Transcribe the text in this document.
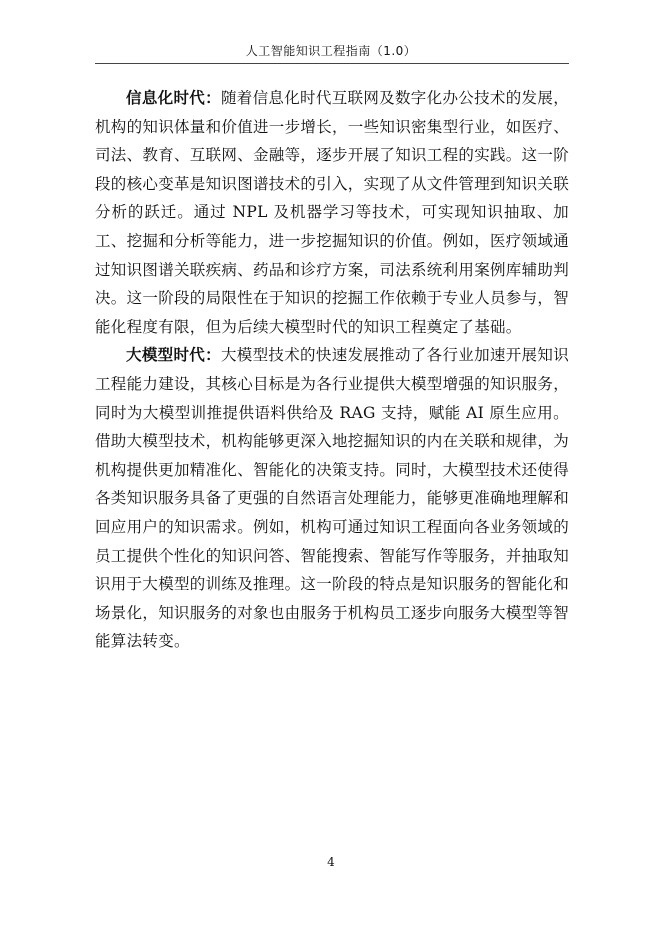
人工智能知识工程指南（1.0）

信息化时代：随着信息化时代互联网及数字化办公技术的发展，机构的知识体量和价值进一步增长，一些知识密集型行业，如医疗、司法、教育、互联网、金融等，逐步开展了知识工程的实践。这一阶段的核心变革是知识图谱技术的引入，实现了从文件管理到知识关联分析的跃迁。通过 NPL 及机器学习等技术，可实现知识抽取、加工、挖掘和分析等能力，进一步挖掘知识的价值。例如，医疗领域通过知识图谱关联疾病、药品和诊疗方案，司法系统利用案例库辅助判决。这一阶段的局限性在于知识的挖掘工作依赖于专业人员参与，智能化程度有限，但为后续大模型时代的知识工程奠定了基础。

大模型时代：大模型技术的快速发展推动了各行业加速开展知识工程能力建设，其核心目标是为各行业提供大模型增强的知识服务，同时为大模型训推提供语料供给及 RAG 支持，赋能 AI 原生应用。借助大模型技术，机构能够更深入地挖掘知识的内在关联和规律，为机构提供更加精准化、智能化的决策支持。同时，大模型技术还使得各类知识服务具备了更强的自然语言处理能力，能够更准确地理解和回应用户的知识需求。例如，机构可通过知识工程面向各业务领域的员工提供个性化的知识问答、智能搜索、智能写作等服务，并抽取知识用于大模型的训练及推理。这一阶段的特点是知识服务的智能化和场景化，知识服务的对象也由服务于机构员工逐步向服务大模型等智能算法转变。

4
